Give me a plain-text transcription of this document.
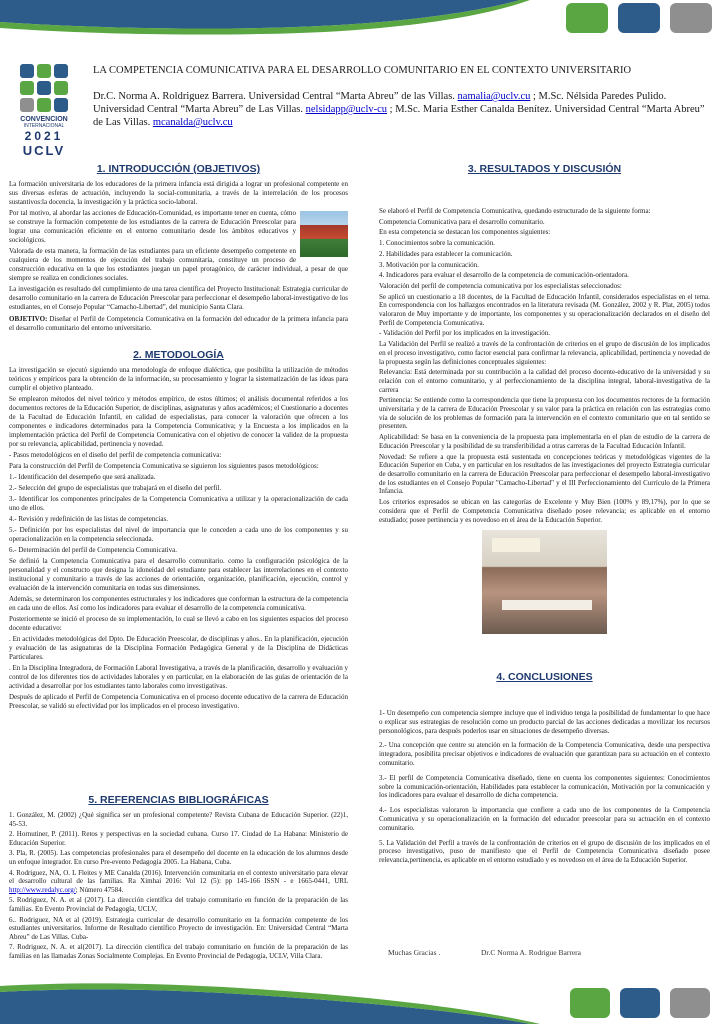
CONVENCION
INTERNACIONAL
2021
UCLV
LA COMPETENCIA COMUNICATIVA PARA EL DESARROLLO COMUNITARIO EN EL CONTEXTO UNIVERSITARIO
Dr.C. Norma A. Roldriguez Barrera. Universidad Central “Marta Abreu” de las Villas. namalia@uclv.cu ; M.Sc. Nélsida Paredes Pulido. Universidad Central “Marta Abreu” de Las Villas. nelsidapp@uclv-cu ; M.Sc. Maria Esther Canalda Benítez. Universidad Central “Marta Abreu” de Las Villas. mcanalda@uclv.cu
1. INTRODUCCIÓN (OBJETIVOS)

La formación universitaria de los educadores de la primera infancia está dirigida a lograr un profesional competente en sus diversas esferas de actuación, incluyendo la social-comunitaria, a través de la interrelación de los procesos sustantivos:la docencia, la investigación y la práctica socio-laboral.

Por tal motivo, al abordar las acciones de Educación-Comunidad, es importante tener en cuenta, cómo se construye la formación competente de los estudiantes de la carrera de Educación Preescolar para lograr una comunicación eficiente en el entorno comunitario desde los ámbitos educativos y sociológicos.

Valorada de esta manera, la formación de las estudiantes para un eficiente desempeño competente en cualquiera de los momentos de ejecución del trabajo comunitaria, constituye un proceso de construcción educativa en la que los estudiantes juegan un papel protagónico, de carácter individual, a pesar de que siempre se realiza en condiciones sociales.

La investigación es resultado del cumplimiento de una tarea científica del Proyecto Institucional: Estrategia curricular de desarrollo comunitario en la carrera de Educación Preescolar para perfeccionar el desempeño laboral-investigativo de los estudiantes, en el Consejo Popular “Camacho-Libertad”, del municipio Santa Clara.

OBJETIVO: Diseñar el Perfil de Competencia Comunicativa en la formación del educador de la primera infancia para el desarrollo comunitario del entorno universitario.

2. METODOLOGÍA

La investigación se ejecutó siguiendo una metodología de enfoque dialéctica, que posibilita la utilización de métodos teóricos y empíricos para la obtención de la información, su procesamiento y lograr la sistematización de las ideas para cumplir el objetivo planteado.

Se emplearon métodos del nivel teórico y métodos empírico, de estos últimos; el análisis documental referidos a los documentos rectores de la Educación Superior, de disciplinas, asignaturas y años académicos; el Cuestionario a docentes de la Facultad de Educación Infantil, en calidad de especialistas, para conocer la valoración que ofrecen a los componentes e indicadores determinados para la Competencia Comunicativa; y la Encuesta a los implicados en la implementación práctica del Perfil de Competencia Comunicativa con el objetivo de conocer la validez de la propuesta por su relevancia, aplicabilidad, pertinencia y novedad.

- Pasos metodológicos en el diseño del perfil de competencia comunicativa:

Para la construcción del Perfil de Competencia Comunicativa se siguieron los siguientes pasos metodológicos:

1.- Identificación del desempeño que será analizada.

2.- Selección del grupo de especialistas que trabajará en el diseño del perfil.

3.- Identificar los componentes principales de la Competencia Comunicativa a utilizar y la operacionalización de cada uno de ellos.

4.- Revisión y redefinición de las listas de competencias.

5.- Definición por los especialistas del nivel de importancia que le conceden a cada uno de los componentes y su operacionalización en la competencia seleccionada.

6.- Determinación del perfil de Competencia Comunicativa.

Se definió la Competencia Comunicativa para el desarrollo comunitario. como la configuración psicológica de la personalidad y el constructo que designa la idoneidad del estudiante para establecer las interrelaciones en el contexto institucional y comunitario a través de las acciones de orientación, organización, planificación, ejecución, control y evaluación de la intervención comunitaria en todas sus dimensiones.

Además, se determinaron los componentes estructurales y los indicadores que conforman la estructura de la competencia en cada uno de ellos. Así como los indicadores para evaluar el desarrollo de la competencia comunicativa.

Posteriormente se inició el proceso de su implementación, lo cual se llevó a cabo en los siguientes espacios del proceso docente educativo:

. En actividades metodológicas del Dpto. De Educación Preescolar, de disciplinas y años.. En la planificación, ejecución y evaluación de las asignaturas de la Disciplina Formación Pedagógica General y de la Disciplina de Didácticas Particulares.

. En la Disciplina Integradora, de Formación Laboral Investigativa, a través de la planificación, desarrollo y evaluación y control de los diferentes tios de actividades laborales y en particular, en la elaboración de las guías de orientación de la actividad a desarrollar por los estudiantes tanto laborales como investigativas.

Después de aplicado el Perfil de Competencia Comunicativa en el proceso docente educativo de la carrera de Educación Preescolar, se validó su efectividad por los implicados en el proceso investigativo.

5. REFERENCIAS BIBLIOGRÁFICAS

1. González, M. (2002) ¿Qué significa ser un profesional competente? Revista Cubana de Educación Superior. (22)1, 45-53.

2. Hornutiner, P. (2011). Retos y perspectivas en la sociedad cubana. Curso 17. Ciudad de La Habana: Ministerio de Educación Superior.

3. Pla, R. (2005). Las competencias profesionales para el desempeño del docente en la educación de los alumnos desde un enfoque integrador. En curso Pre-evento Pedagogía 2005. La Habana, Cuba.

4. Rodriguez, NA, O. L Fleites y ME Canalda (2016). Intervención comunitaria en el contexto universitario para elevar el desarrollo cultural de las familias. Ra Ximhai 2016: Vol 12 (5): pp 145-166 ISSN - e 1665-0441, URL http://www.redalyc.org/; Número 47584.

5. Rodriguez, N. A. et al (2017). La dirección científica del trabajo comunitario en función de la preparación de las familias. En Evento Provincial de Pedagogía, UCLV,

6.. Rodriguez, NA et al (2019). Estrategia curricular de desarrollo comunitario en la formación competente de los estudiantes universitarios. Informe de Resultado científico Proyecto de investigación. En: Universidad Central “Marta Abreu” de Las Villas. Cuba-

7. Rodriguez, N. A. et al(2017). La dirección científica del trabajo comunitario en función de la preparación de las familias en las llamadas Zonas Socialmente Complejas. En Evento Provincial de Pedagogía, UCLV, Villa Clara.

3. RESULTADOS Y DISCUSIÓN

Se elaboró el Perfil de Competencia Comunicativa, quedando estructurado de la siguiente forma:

Competencia Comunicativa para el desarrollo comunitario.

En esta competencia se destacan los componentes siguientes:

1. Conocimientos sobre la comunicación.

2. Habilidades para establecer la comunicación.

3. Motivación por la comunicación.

4. Indicadores para evaluar el desarrollo de la competencia de comunicación-orientadora.

Valoración del perfil de competencia comunicativa por los especialistas seleccionados:

Se aplicó un cuestionario a 18 docentes, de la Facultad de Educación Infantil, considerados especialistas en el tema. En correspondencia con los hallazgos encontrados en la literatura revisada (M. González, 2002 y R. Plat, 2005) todos valoraron de Muy importante y de importante, los componentes y su operacionalización declarados en el diseño del Perfil de Competencia Comunicativa.

- Validación del Perfil por los implicados en la investigación.

La Validación del Perfil se realizó a través de la confrontación de criterios en el grupo de discusión de los implicados en el proceso investigativo, como factor esencial para confirmar la relevancia, aplicabilidad, pertinencia y novedad de la propuesta según las definiciones conceptuales siguientes:

Relevancia: Está determinada por su contribución a la calidad del proceso docente-educativo de la universidad y su relación con el entorno comunitario, y al perfeccionamiento de la disciplina integral, laboral-investigativa de la carrera

Pertinencia: Se entiende como la correspondencia que tiene la propuesta con los documentos rectores de la formación universitaria y de la carrera de Educación Preescolar y su valor para la práctica en relación con las estrategias como vía de solución de los problemas de formación para la intervención en el contexto comunitario que en tal sentido se presenten.

Aplicabilidad: Se basa en la conveniencia de la propuesta para implementarla en el plan de estudio de la carrera de Educación Preescolar y la posibilidad de su transferibilidad a otras carreras de la Facultad Educación Infantil.

Novedad: Se refiere a que la propuesta está sustentada en concepciones teóricas y metodológicas vigentes de la Educación Superior en Cuba, y en particular en los resultados de las investigaciones del proyecto Estrategia curricular de desarrollo comunitario en la carrera de Educación Preescolar para perfeccionar el desempeño laboral-investigativo de los estudiantes en el Consejo Popular "Camacho-Libertad" y el III Perfeccionamiento del Currículo de la Primera Infancia.

Los criterios expresados se ubican en las categorías de Excelente y Muy Bien (100% y 89,17%), por lo que se considera que el Perfil de Competencia Comunicativa diseñado posee relevancia; es aplicable en el entorno estudiado; posee pertinencia y es novedoso en el área de la Educación Superior.

4. CONCLUSIONES

1- Un desempeño con competencia siempre incluye que el individuo tenga la posibilidad de fundamentar lo que hace o explicar sus estrategias de resolución como un producto parcial de las acciones dedicadas a movilizar los recursos personológicos, para después poderlos usar en situaciones de desempeño diversas.

2.- Una concepción que centre su atención en la formación de la Competencia Comunicativa, desde una perspectiva integradora, posibilita precisar objetivos e indicadores de evaluación que garantizan para su actuación en el contexto comunitario.

3.- El perfil de Competencia Comunicativa diseñado, tiene en cuenta los componentes siguientes: Conocimientos sobre la comunicación-orientación, Habilidades para establecer la comunicación, Motivación por la comunicación y los indicadores para evaluar el desarrollo de dicha competencia.

4.- Los especialistas valoraron la importancia que confiere a cada uno de los componentes de la Competencia Comunicativa y su operacionalización en la formación del educador preescolar para su actuación en el contexto comunitario.

5. La Validación del Perfil a través de la confrontación de criterios en el grupo de discusión de los implicados en el proceso investigativo, puso de manifiesto que el Perfil de Competencia Comunicativa diseñado posee relevancia,pertinencia, es aplicable en el entorno estudiado y es novedoso en el área de la Educación Superior.

Muchas Gracias .	Dr.C Norma A. Rodrigue Barrera
